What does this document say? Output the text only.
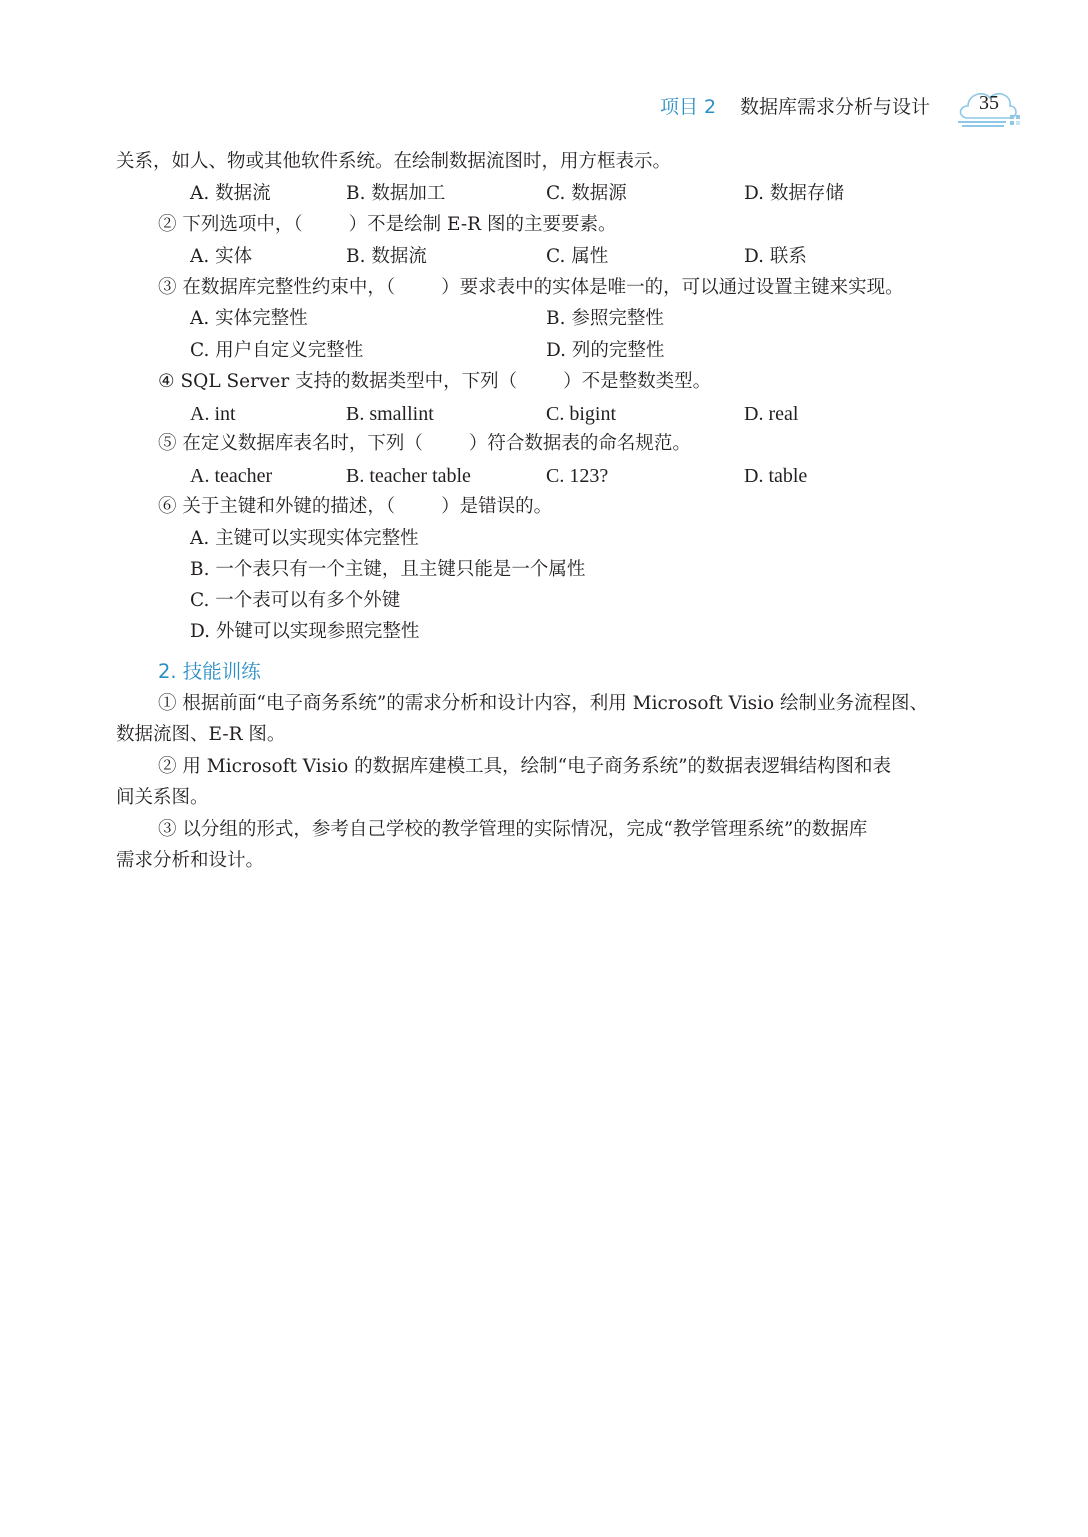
项目 2 数据库需求分析与设计	35
关系，如人、物或其他软件系统。在绘制数据流图时，用方框表示。
A. 数据流	B. 数据加工	C. 数据源	D. 数据存储
② 下列选项中，（ ）不是绘制 E-R 图的主要要素。
A. 实体	B. 数据流	C. 属性	D. 联系
③ 在数据库完整性约束中，（ ）要求表中的实体是唯一的，可以通过设置主键来实现。
A. 实体完整性	B. 参照完整性
C. 用户自定义完整性	D. 列的完整性
④ SQL Server 支持的数据类型中，下列（ ）不是整数类型。
A. int	B. smallint	C. bigint	D. real
⑤ 在定义数据库表名时，下列（ ）符合数据表的命名规范。
A. teacher	B. teacher table	C. 123?	D. table
⑥ 关于主键和外键的描述，（ ）是错误的。
A. 主键可以实现实体完整性
B. 一个表只有一个主键，且主键只能是一个属性
C. 一个表可以有多个外键
D. 外键可以实现参照完整性
2. 技能训练
① 根据前面“电子商务系统”的需求分析和设计内容，利用 Microsoft Visio 绘制业务流程图、
数据流图、E-R 图。
② 用 Microsoft Visio 的数据库建模工具，绘制“电子商务系统”的数据表逻辑结构图和表
间关系图。
③ 以分组的形式，参考自己学校的教学管理的实际情况，完成“教学管理系统”的数据库
需求分析和设计。
